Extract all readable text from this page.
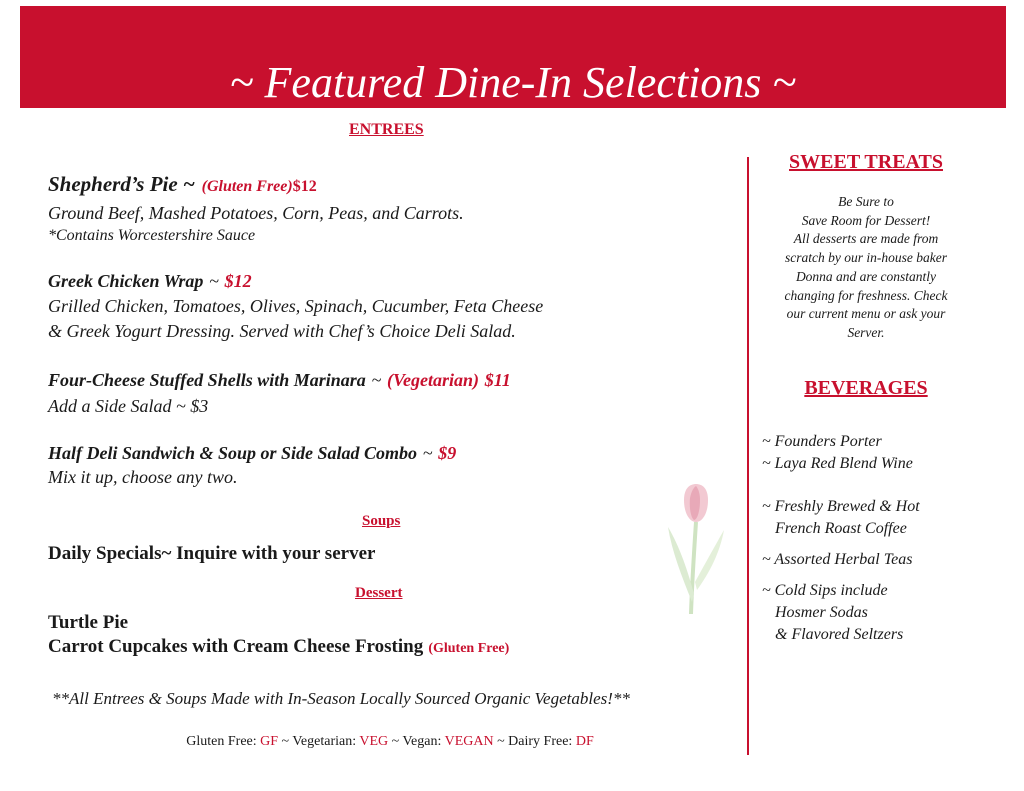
~ Featured Dine-In Selections ~
ENTREES
Shepherd’s Pie ~ (Gluten Free)$12
Ground Beef, Mashed Potatoes, Corn, Peas, and Carrots.
*Contains Worcestershire Sauce
Greek Chicken Wrap ~ $12
Grilled Chicken, Tomatoes, Olives, Spinach, Cucumber, Feta Cheese
& Greek Yogurt Dressing. Served with Chef’s Choice Deli Salad.
Four-Cheese Stuffed Shells with Marinara ~ (Vegetarian) $11
Add a Side Salad ~ $3
Half Deli Sandwich & Soup or Side Salad Combo ~ $9
Mix it up, choose any two.
Soups
Daily Specials~ Inquire with your server
Dessert
Turtle Pie
Carrot Cupcakes with Cream Cheese Frosting (Gluten Free)
**All Entrees & Soups Made with In-Season Locally Sourced Organic Vegetables!**
Gluten Free: GF ~ Vegetarian: VEG ~ Vegan: VEGAN ~ Dairy Free: DF
SWEET TREATS
Be Sure to
Save Room for Dessert!
All desserts are made from
scratch by our in-house baker
Donna and are constantly
changing for freshness. Check
our current menu or ask your
Server.
BEVERAGES
~ Founders Porter
~ Laya Red Blend Wine
~ Freshly Brewed & Hot
French Roast Coffee
~ Assorted Herbal Teas
~ Cold Sips include
Hosmer Sodas
& Flavored Seltzers
